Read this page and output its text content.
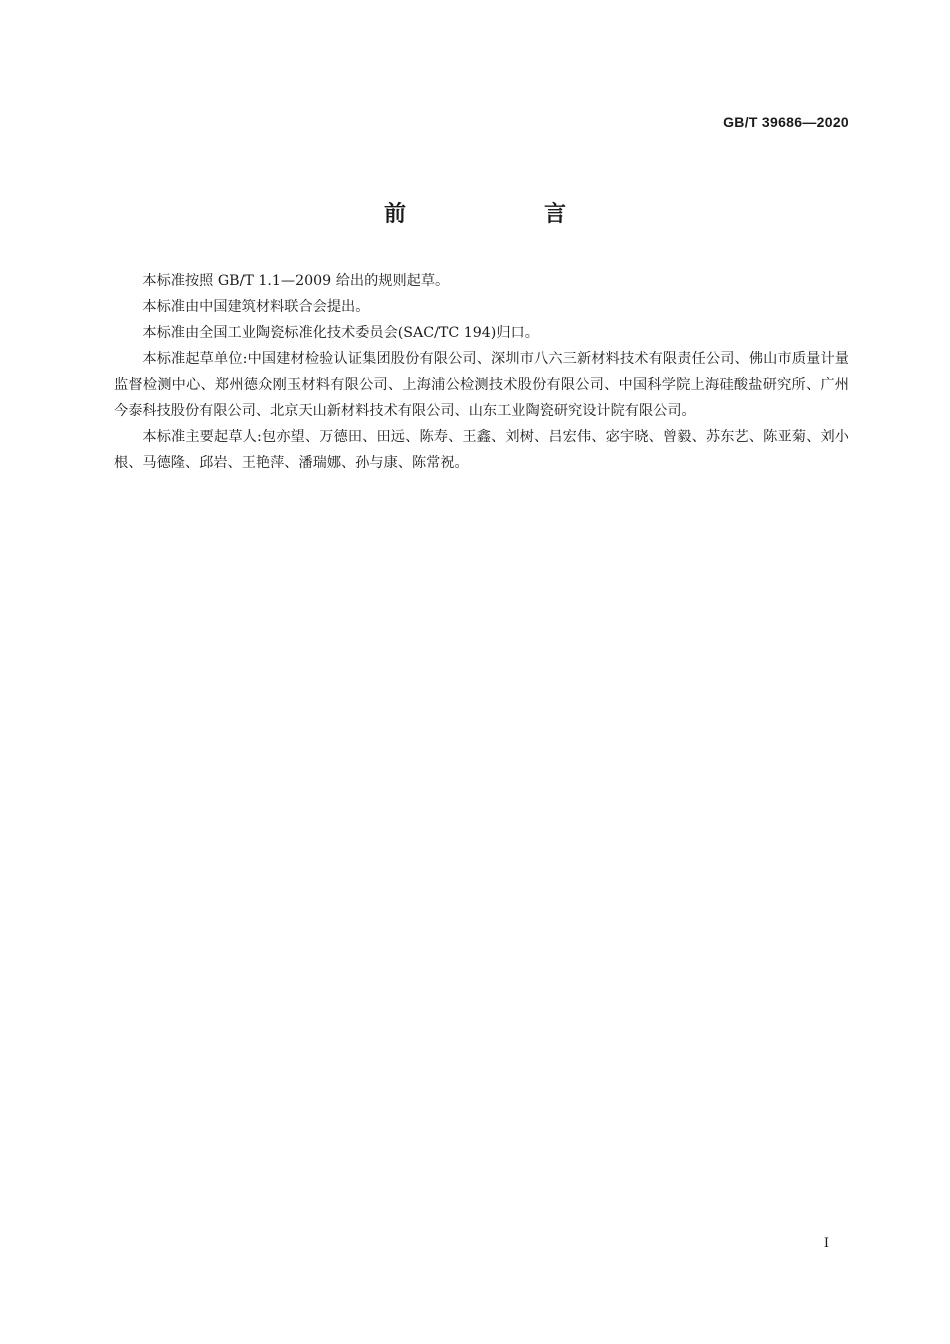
GB/T 39686—2020

前　言

本标准按照 GB/T 1.1—2009 给出的规则起草。

本标准由中国建筑材料联合会提出。

本标准由全国工业陶瓷标准化技术委员会(SAC/TC 194)归口。

本标准起草单位:中国建材检验认证集团股份有限公司、深圳市八六三新材料技术有限责任公司、佛山市质量计量监督检测中心、郑州德众刚玉材料有限公司、上海浦公检测技术股份有限公司、中国科学院上海硅酸盐研究所、广州今泰科技股份有限公司、北京天山新材料技术有限公司、山东工业陶瓷研究设计院有限公司。

本标准主要起草人:包亦望、万德田、田远、陈寿、王鑫、刘树、吕宏伟、宓宇晓、曾毅、苏东艺、陈亚菊、刘小根、马德隆、邱岩、王艳萍、潘瑞娜、孙与康、陈常祝。

I
